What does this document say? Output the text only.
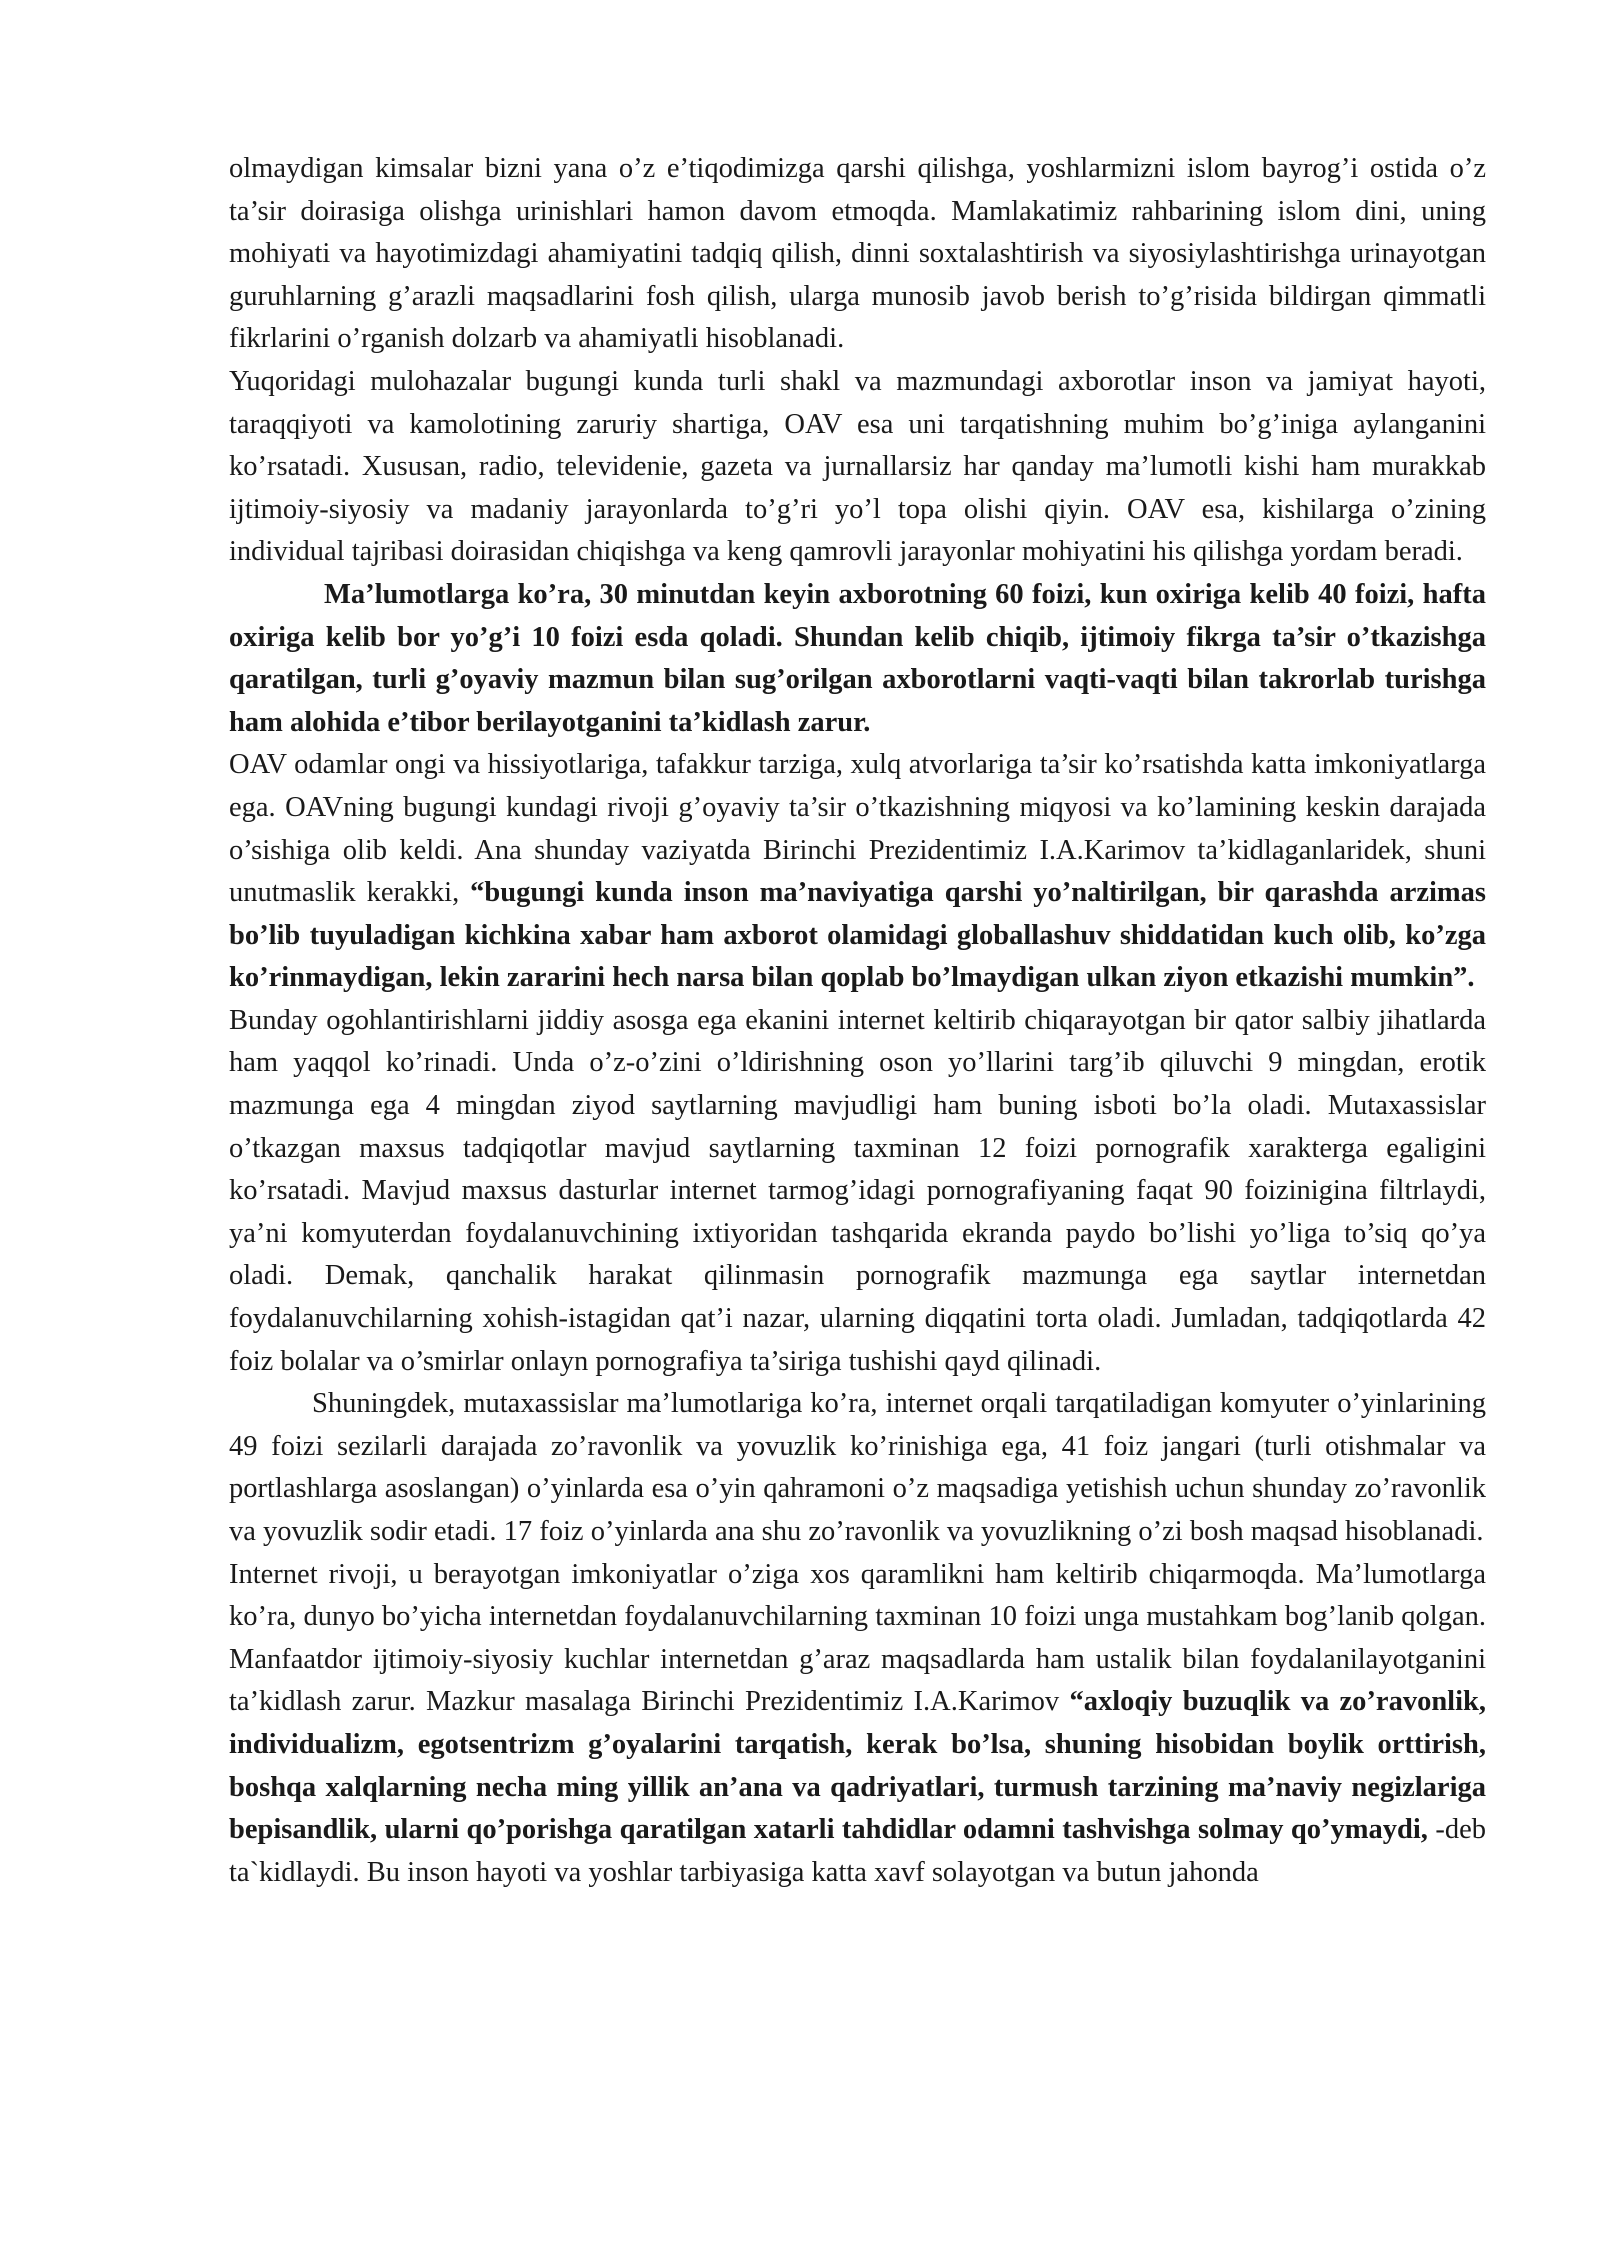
olmaydigan kimsalar bizni yana o’z e’tiqodimizga qarshi qilishga, yoshlarmizni islom bayrog’i ostida o’z ta’sir doirasiga olishga urinishlari hamon davom etmoqda. Mamlakatimiz rahbarining islom dini, uning mohiyati va hayotimizdagi ahamiyatini tadqiq qilish, dinni soxtalashtirish va siyosiylashtirishga urinayotgan guruhlarning g’arazli maqsadlarini fosh qilish, ularga munosib javob berish to’g’risida bildirgan qimmatli fikrlarini o’rganish dolzarb va ahamiyatli hisoblanadi.

Yuqoridagi mulohazalar bugungi kunda turli shakl va mazmundagi axborotlar inson va jamiyat hayoti, taraqqiyoti va kamolotining zaruriy shartiga, OAV esa uni tarqatishning muhim bo’g’iniga aylanganini ko’rsatadi. Xususan, radio, televidenie, gazeta va jurnallarsiz har qanday ma’lumotli kishi ham murakkab ijtimoiy-siyosiy va madaniy jarayonlarda to’g’ri yo’l topa olishi qiyin. OAV esa, kishilarga o’zining individual tajribasi doirasidan chiqishga va keng qamrovli jarayonlar mohiyatini his qilishga yordam beradi.

Ma’lumotlarga ko’ra, 30 minutdan keyin axborotning 60 foizi, kun oxiriga kelib 40 foizi, hafta oxiriga kelib bor yo’g’i 10 foizi esda qoladi. Shundan kelib chiqib, ijtimoiy fikrga ta’sir o’tkazishga qaratilgan, turli g’oyaviy mazmun bilan sug’orilgan axborotlarni vaqti-vaqti bilan takrorlab turishga ham alohida e’tibor berilayotganini ta’kidlash zarur.

OAV odamlar ongi va hissiyotlariga, tafakkur tarziga, xulq atvorlariga ta’sir ko’rsatishda katta imkoniyatlarga ega. OAVning bugungi kundagi rivoji g’oyaviy ta’sir o’tkazishning miqyosi va ko’lamining keskin darajada o’sishiga olib keldi. Ana shunday vaziyatda Birinchi Prezidentimiz I.A.Karimov ta’kidlaganlaridek, shuni unutmaslik kerakki, “bugungi kunda inson ma’naviyatiga qarshi yo’naltirilgan, bir qarashda arzimas bo’lib tuyuladigan kichkina xabar ham axborot olamidagi globallashuv shiddatidan kuch olib, ko’zga ko’rinmaydigan, lekin zararini hech narsa bilan qoplab bo’lmaydigan ulkan ziyon etkazishi mumkin”.

Bunday ogohlantirishlarni jiddiy asosga ega ekanini internet keltirib chiqarayotgan bir qator salbiy jihatlarda ham yaqqol ko’rinadi. Unda o’z-o’zini o’ldirishning oson yo’llarini targ’ib qiluvchi 9 mingdan, erotik mazmunga ega 4 mingdan ziyod saytlarning mavjudligi ham buning isboti bo’la oladi. Mutaxassislar o’tkazgan maxsus tadqiqotlar mavjud saytlarning taxminan 12 foizi pornografik xarakterga egaligini ko’rsatadi. Mavjud maxsus dasturlar internet tarmog’idagi pornografiyaning faqat 90 foizinigina filtrlaydi, ya’ni komyuterdan foydalanuvchining ixtiyoridan tashqarida ekranda paydo bo’lishi yo’liga to’siq qo’ya oladi. Demak, qanchalik harakat qilinmasin pornografik mazmunga ega saytlar internetdan foydalanuvchilarning xohish-istagidan qat’i nazar, ularning diqqatini torta oladi. Jumladan, tadqiqotlarda 42 foiz bolalar va o’smirlar onlayn pornografiya ta’siriga tushishi qayd qilinadi.

Shuningdek, mutaxassislar ma’lumotlariga ko’ra, internet orqali tarqatiladigan komyuter o’yinlarining 49 foizi sezilarli darajada zo’ravonlik va yovuzlik ko’rinishiga ega, 41 foiz jangari (turli otishmalar va portlashlarga asoslangan) o’yinlarda esa o’yin qahramoni o’z maqsadiga yetishish uchun shunday zo’ravonlik va yovuzlik sodir etadi. 17 foiz o’yinlarda ana shu zo’ravonlik va yovuzlikning o’zi bosh maqsad hisoblanadi.

Internet rivoji, u berayotgan imkoniyatlar o’ziga xos qaramlikni ham keltirib chiqarmoqda. Ma’lumotlarga ko’ra, dunyo bo’yicha internetdan foydalanuvchilarning taxminan 10 foizi unga mustahkam bog’lanib qolgan. Manfaatdor ijtimoiy-siyosiy kuchlar internetdan g’araz maqsadlarda ham ustalik bilan foydalanilayotganini ta’kidlash zarur. Mazkur masalaga Birinchi Prezidentimiz I.A.Karimov “axloqiy buzuqlik va zo’ravonlik, individualizm, egotsentrizm g’oyalarini tarqatish, kerak bo’lsa, shuning hisobidan boylik orttirish, boshqa xalqlarning necha ming yillik an’ana va qadriyatlari, turmush tarzining ma’naviy negizlariga bepisandlik, ularni qo’porishga qaratilgan xatarli tahdidlar odamni tashvishga solmay qo’ymaydi, -deb ta`kidlaydi. Bu inson hayoti va yoshlar tarbiyasiga katta xavf solayotgan va butun jahonda
